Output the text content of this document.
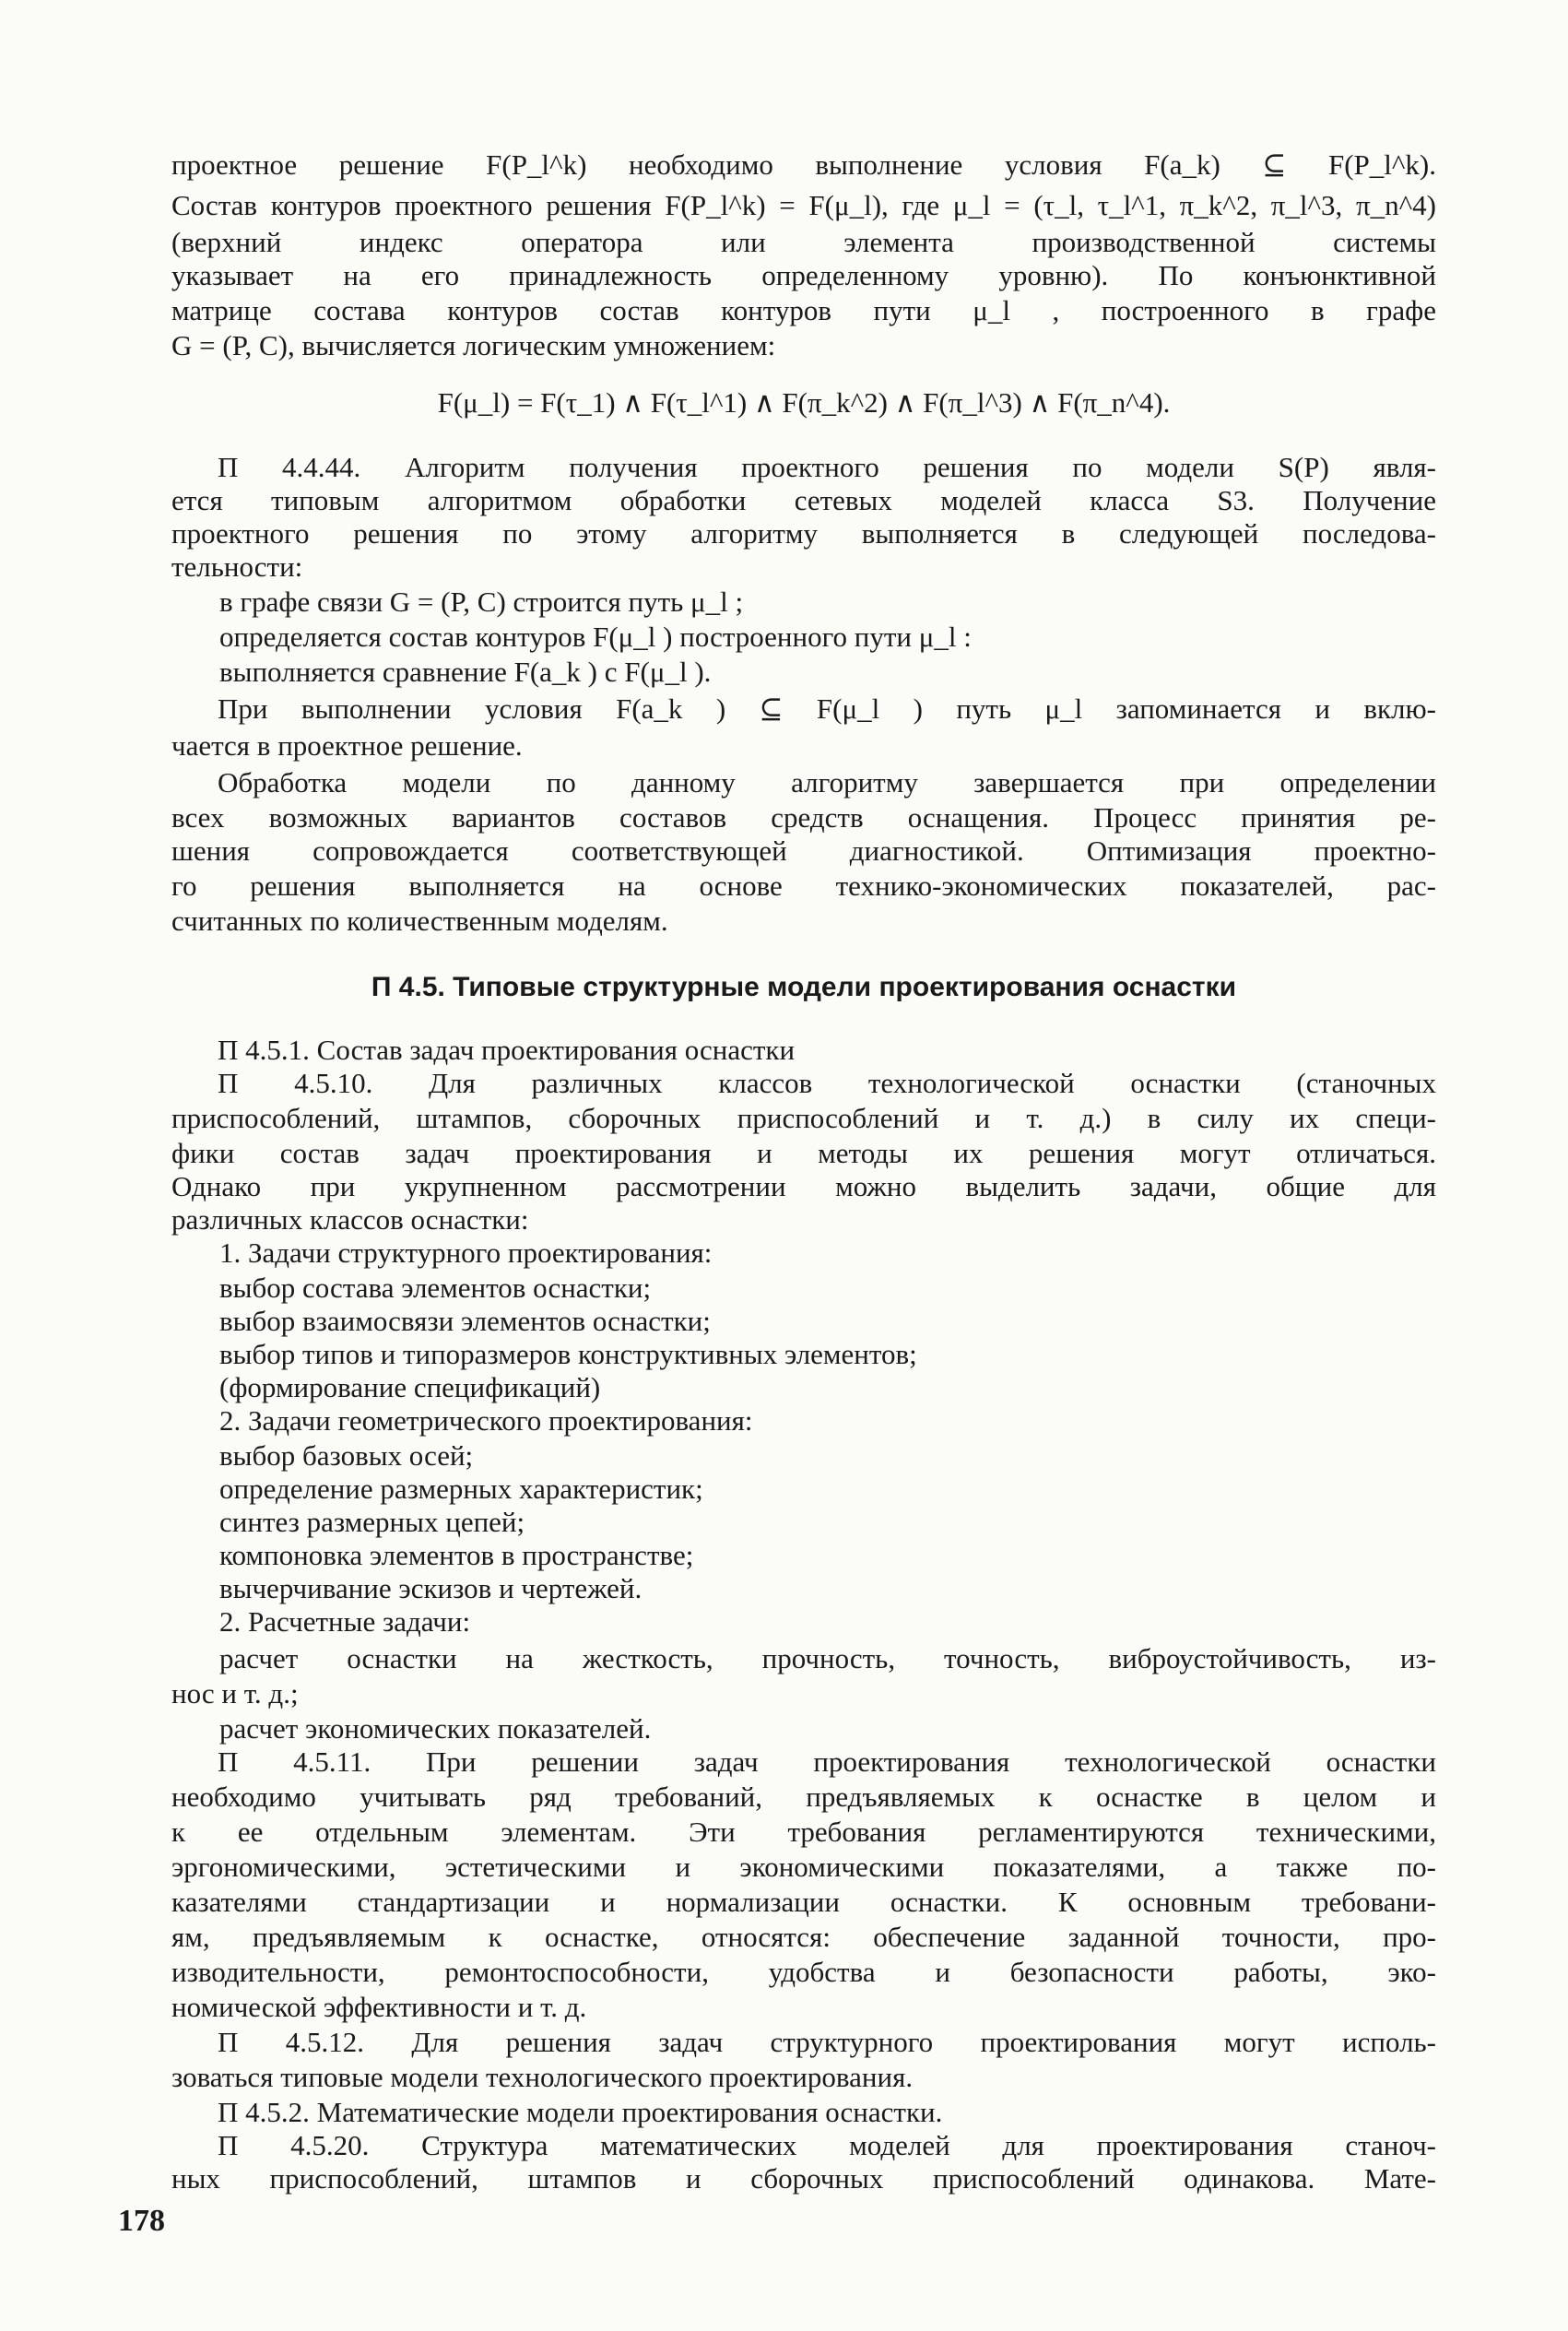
проектное решение F(P_l^k) необходимо выполнение условия F(a_k) ⊆ F(P_l^k).
Состав контуров проектного решения F(P_l^k) = F(μ_l), где μ_l = (τ_l, τ_l^1, π_k^2, π_l^3, π_n^4)
(верхний индекс оператора или элемента производственной системы
указывает на его принадлежность определенному уровню). По конъюнктивной
матрице состава контуров состав контуров пути μ_l , построенного в графе
G = (P, C), вычисляется логическим умножением:
F(μ_l) = F(τ_1) ∧ F(τ_l^1) ∧ F(π_k^2) ∧ F(π_l^3) ∧ F(π_n^4).
П 4.4.44. Алгоритм получения проектного решения по модели S(P) явля-
ется типовым алгоритмом обработки сетевых моделей класса S3. Получение
проектного решения по этому алгоритму выполняется в следующей последова-
тельности:
в графе связи G = (P, C) строится путь μ_l ;
определяется состав контуров F(μ_l ) построенного пути μ_l :
выполняется сравнение F(a_k ) с F(μ_l ).
При выполнении условия F(a_k ) ⊆ F(μ_l ) путь μ_l запоминается и вклю-
чается в проектное решение.
Обработка модели по данному алгоритму завершается при определении
всех возможных вариантов составов средств оснащения. Процесс принятия ре-
шения сопровождается соответствующей диагностикой. Оптимизация проектно-
го решения выполняется на основе технико-экономических показателей, рас-
считанных по количественным моделям.
П 4.5. Типовые структурные модели проектирования оснастки
П 4.5.1. Состав задач проектирования оснастки
П 4.5.10. Для различных классов технологической оснастки (станочных
приспособлений, штампов, сборочных приспособлений и т. д.) в силу их специ-
фики состав задач проектирования и методы их решения могут отличаться.
Однако при укрупненном рассмотрении можно выделить задачи, общие для
различных классов оснастки:
1. Задачи структурного проектирования:
выбор состава элементов оснастки;
выбор взаимосвязи элементов оснастки;
выбор типов и типоразмеров конструктивных элементов;
(формирование спецификаций)
2. Задачи геометрического проектирования:
выбор базовых осей;
определение размерных характеристик;
синтез размерных цепей;
компоновка элементов в пространстве;
вычерчивание эскизов и чертежей.
2. Расчетные задачи:
расчет оснастки на жесткость, прочность, точность, виброустойчивость, из-
нос и т. д.;
расчет экономических показателей.
П 4.5.11. При решении задач проектирования технологической оснастки
необходимо учитывать ряд требований, предъявляемых к оснастке в целом и
к ее отдельным элементам. Эти требования регламентируются техническими,
эргономическими, эстетическими и экономическими показателями, а также по-
казателями стандартизации и нормализации оснастки. К основным требовани-
ям, предъявляемым к оснастке, относятся: обеспечение заданной точности, про-
изводительности, ремонтоспособности, удобства и безопасности работы, эко-
номической эффективности и т. д.
П 4.5.12. Для решения задач структурного проектирования могут исполь-
зоваться типовые модели технологического проектирования.
П 4.5.2. Математические модели проектирования оснастки.
П 4.5.20. Структура математических моделей для проектирования станоч-
ных приспособлений, штампов и сборочных приспособлений одинакова. Мате-
178
